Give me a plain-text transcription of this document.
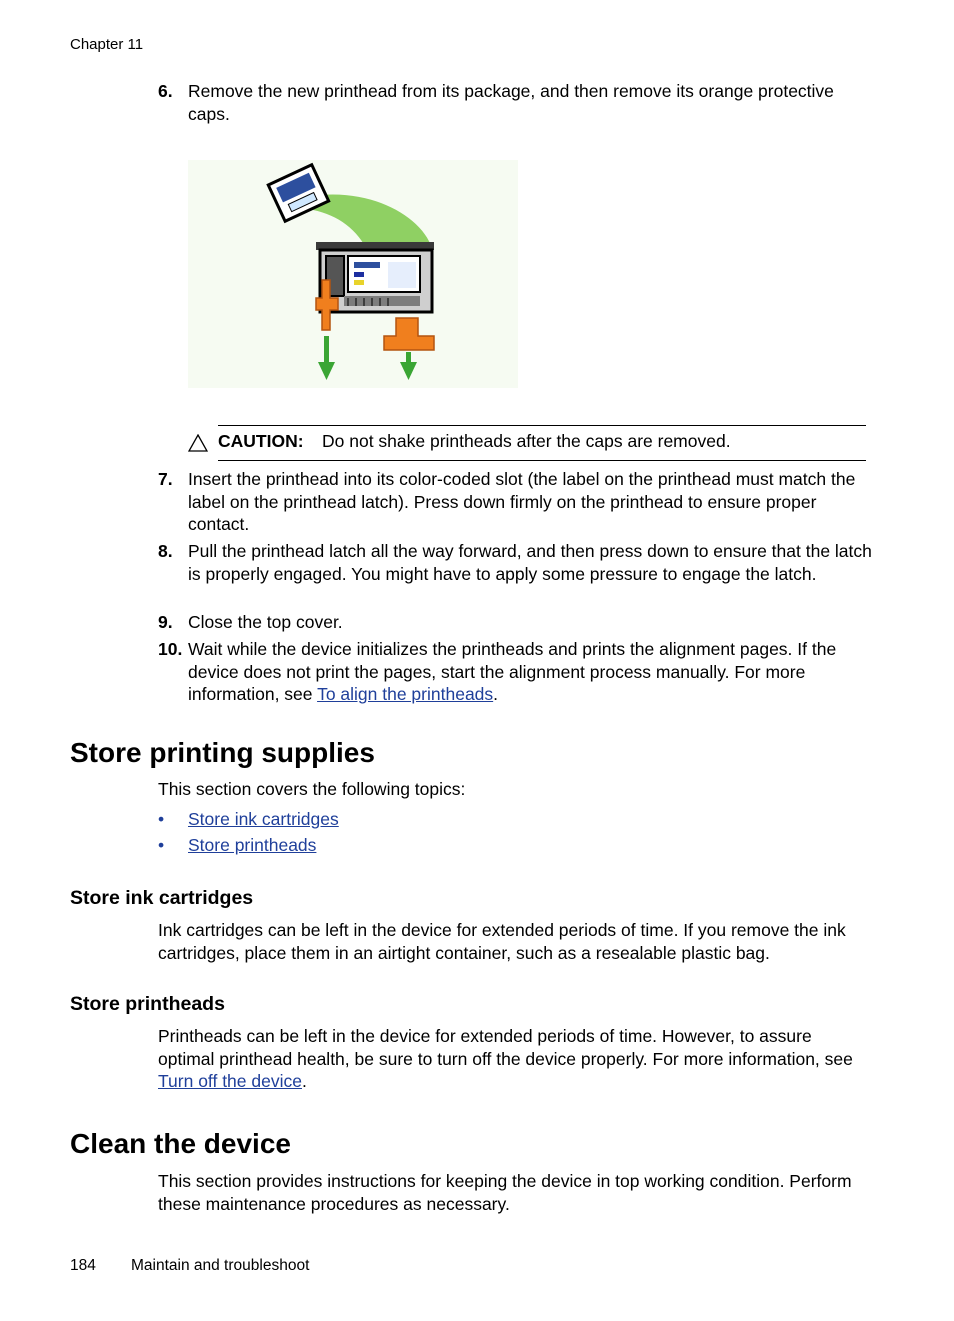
Chapter 11
6. Remove the new printhead from its package, and then remove its orange protective caps.
CAUTION: Do not shake printheads after the caps are removed.
7. Insert the printhead into its color-coded slot (the label on the printhead must match the label on the printhead latch). Press down firmly on the printhead to ensure proper contact.
8. Pull the printhead latch all the way forward, and then press down to ensure that the latch is properly engaged. You might have to apply some pressure to engage the latch.
9. Close the top cover.
10. Wait while the device initializes the printheads and prints the alignment pages. If the device does not print the pages, start the alignment process manually. For more information, see To align the printheads.
Store printing supplies

This section covers the following topics:

• Store ink cartridges
• Store printheads
Store ink cartridges

Ink cartridges can be left in the device for extended periods of time. If you remove the ink cartridges, place them in an airtight container, such as a resealable plastic bag.

Store printheads

Printheads can be left in the device for extended periods of time. However, to assure optimal printhead health, be sure to turn off the device properly. For more information, see Turn off the device.

Clean the device

This section provides instructions for keeping the device in top working condition. Perform these maintenance procedures as necessary.

184 Maintain and troubleshoot
